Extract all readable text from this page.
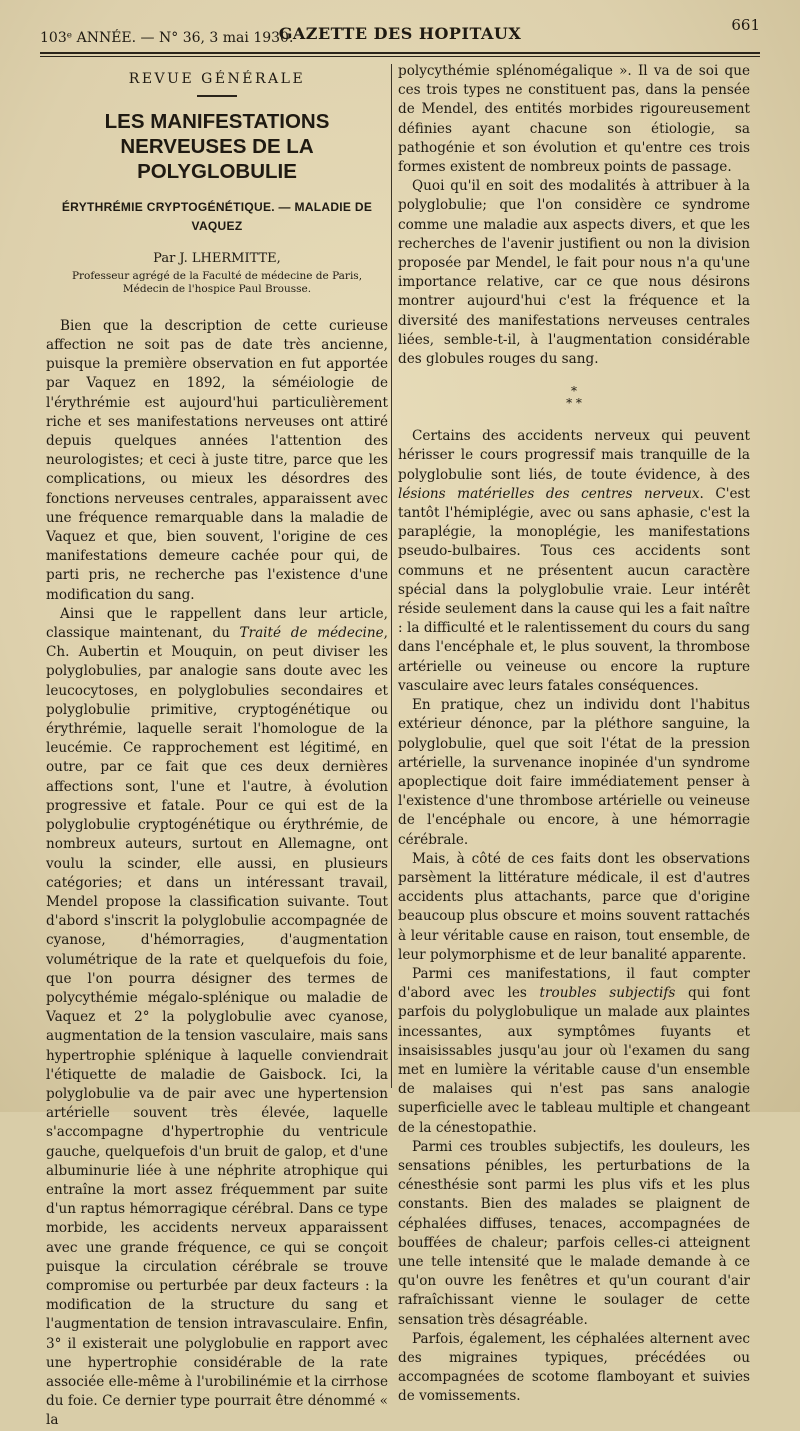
103ᵉ ANNÉE. — N° 36, 3 mai 1930.
GAZETTE DES HOPITAUX	661
REVUE GÉNÉRALE
LES MANIFESTATIONS NERVEUSES DE LA POLYGLOBULIE
ÉRYTHRÉMIE CRYPTOGÉNÉTIQUE. — MALADIE DE VAQUEZ
Par J. LHERMITTE,
Professeur agrégé de la Faculté de médecine de Paris,
Médecin de l'hospice Paul Brousse.

Bien que la description de cette curieuse affection ne soit pas de date très ancienne, puisque la première observation en fut apportée par Vaquez en 1892, la séméiologie de l'érythrémie est aujourd'hui particulièrement riche et ses manifestations nerveuses ont attiré depuis quelques années l'attention des neurologistes; et ceci à juste titre, parce que les complications, ou mieux les désordres des fonctions nerveuses centrales, apparaissent avec une fréquence remarquable dans la maladie de Vaquez et que, bien souvent, l'origine de ces manifestations demeure cachée pour qui, de parti pris, ne recherche pas l'existence d'une modification du sang.

Ainsi que le rappellent dans leur article, classique maintenant, du Traité de médecine, Ch. Aubertin et Mouquin, on peut diviser les polyglobulies, par analogie sans doute avec les leucocytoses, en polyglobulies secondaires et polyglobulie primitive, cryptogénétique ou érythrémie, laquelle serait l'homologue de la leucémie. Ce rapprochement est légitimé, en outre, par ce fait que ces deux dernières affections sont, l'une et l'autre, à évolution progressive et fatale. Pour ce qui est de la polyglobulie cryptogénétique ou érythrémie, de nombreux auteurs, surtout en Allemagne, ont voulu la scinder, elle aussi, en plusieurs catégories; et dans un intéressant travail, Mendel propose la classification suivante. Tout d'abord s'inscrit la polyglobulie accompagnée de cyanose, d'hémorragies, d'augmentation volumétrique de la rate et quelquefois du foie, que l'on pourra désigner des termes de polycythémie mégalo-splénique ou maladie de Vaquez et 2° la polyglobulie avec cyanose, augmentation de la tension vasculaire, mais sans hypertrophie splénique à laquelle conviendrait l'étiquette de maladie de Gaisbock. Ici, la polyglobulie va de pair avec une hypertension artérielle souvent très élevée, laquelle s'accompagne d'hypertrophie du ventricule gauche, quelquefois d'un bruit de galop, et d'une albuminurie liée à une néphrite atrophique qui entraîne la mort assez fréquemment par suite d'un raptus hémorragique cérébral. Dans ce type morbide, les accidents nerveux apparaissent avec une grande fréquence, ce qui se conçoit puisque la circulation cérébrale se trouve compromise ou perturbée par deux facteurs : la modification de la structure du sang et l'augmentation de tension intravasculaire. Enfin, 3° il existerait une polyglobulie en rapport avec une hypertrophie considérable de la rate associée elle-même à l'urobilinémie et la cirrhose du foie. Ce dernier type pourrait être dénommé « la

polycythémie splénomégalique ». Il va de soi que ces trois types ne constituent pas, dans la pensée de Mendel, des entités morbides rigoureusement définies ayant chacune son étiologie, sa pathogénie et son évolution et qu'entre ces trois formes existent de nombreux points de passage.

Quoi qu'il en soit des modalités à attribuer à la polyglobulie; que l'on considère ce syndrome comme une maladie aux aspects divers, et que les recherches de l'avenir justifient ou non la division proposée par Mendel, le fait pour nous n'a qu'une importance relative, car ce que nous désirons montrer aujourd'hui c'est la fréquence et la diversité des manifestations nerveuses centrales liées, semble-t-il, à l'augmentation considérable des globules rouges du sang.

*
* *

Certains des accidents nerveux qui peuvent hérisser le cours progressif mais tranquille de la polyglobulie sont liés, de toute évidence, à des lésions matérielles des centres nerveux. C'est tantôt l'hémiplégie, avec ou sans aphasie, c'est la paraplégie, la monoplégie, les manifestations pseudo-bulbaires. Tous ces accidents sont communs et ne présentent aucun caractère spécial dans la polyglobulie vraie. Leur intérêt réside seulement dans la cause qui les a fait naître : la difficulté et le ralentissement du cours du sang dans l'encéphale et, le plus souvent, la thrombose artérielle ou veineuse ou encore la rupture vasculaire avec leurs fatales conséquences.

En pratique, chez un individu dont l'habitus extérieur dénonce, par la pléthore sanguine, la polyglobulie, quel que soit l'état de la pression artérielle, la survenance inopinée d'un syndrome apoplectique doit faire immédiatement penser à l'existence d'une thrombose artérielle ou veineuse de l'encéphale ou encore, à une hémorragie cérébrale.

Mais, à côté de ces faits dont les observations parsèment la littérature médicale, il est d'autres accidents plus attachants, parce que d'origine beaucoup plus obscure et moins souvent rattachés à leur véritable cause en raison, tout ensemble, de leur polymorphisme et de leur banalité apparente.

Parmi ces manifestations, il faut compter d'abord avec les troubles subjectifs qui font parfois du polyglobulique un malade aux plaintes incessantes, aux symptômes fuyants et insaisissables jusqu'au jour où l'examen du sang met en lumière la véritable cause d'un ensemble de malaises qui n'est pas sans analogie superficielle avec le tableau multiple et changeant de la cénestopathie.

Parmi ces troubles subjectifs, les douleurs, les sensations pénibles, les perturbations de la cénesthésie sont parmi les plus vifs et les plus constants. Bien des malades se plaignent de céphalées diffuses, tenaces, accompagnées de bouffées de chaleur; parfois celles-ci atteignent une telle intensité que le malade demande à ce qu'on ouvre les fenêtres et qu'un courant d'air rafraîchissant vienne le soulager de cette sensation très désagréable.

Parfois, également, les céphalées alternent avec des migraines typiques, précédées ou accompagnées de scotome flamboyant et suivies de vomissements.
